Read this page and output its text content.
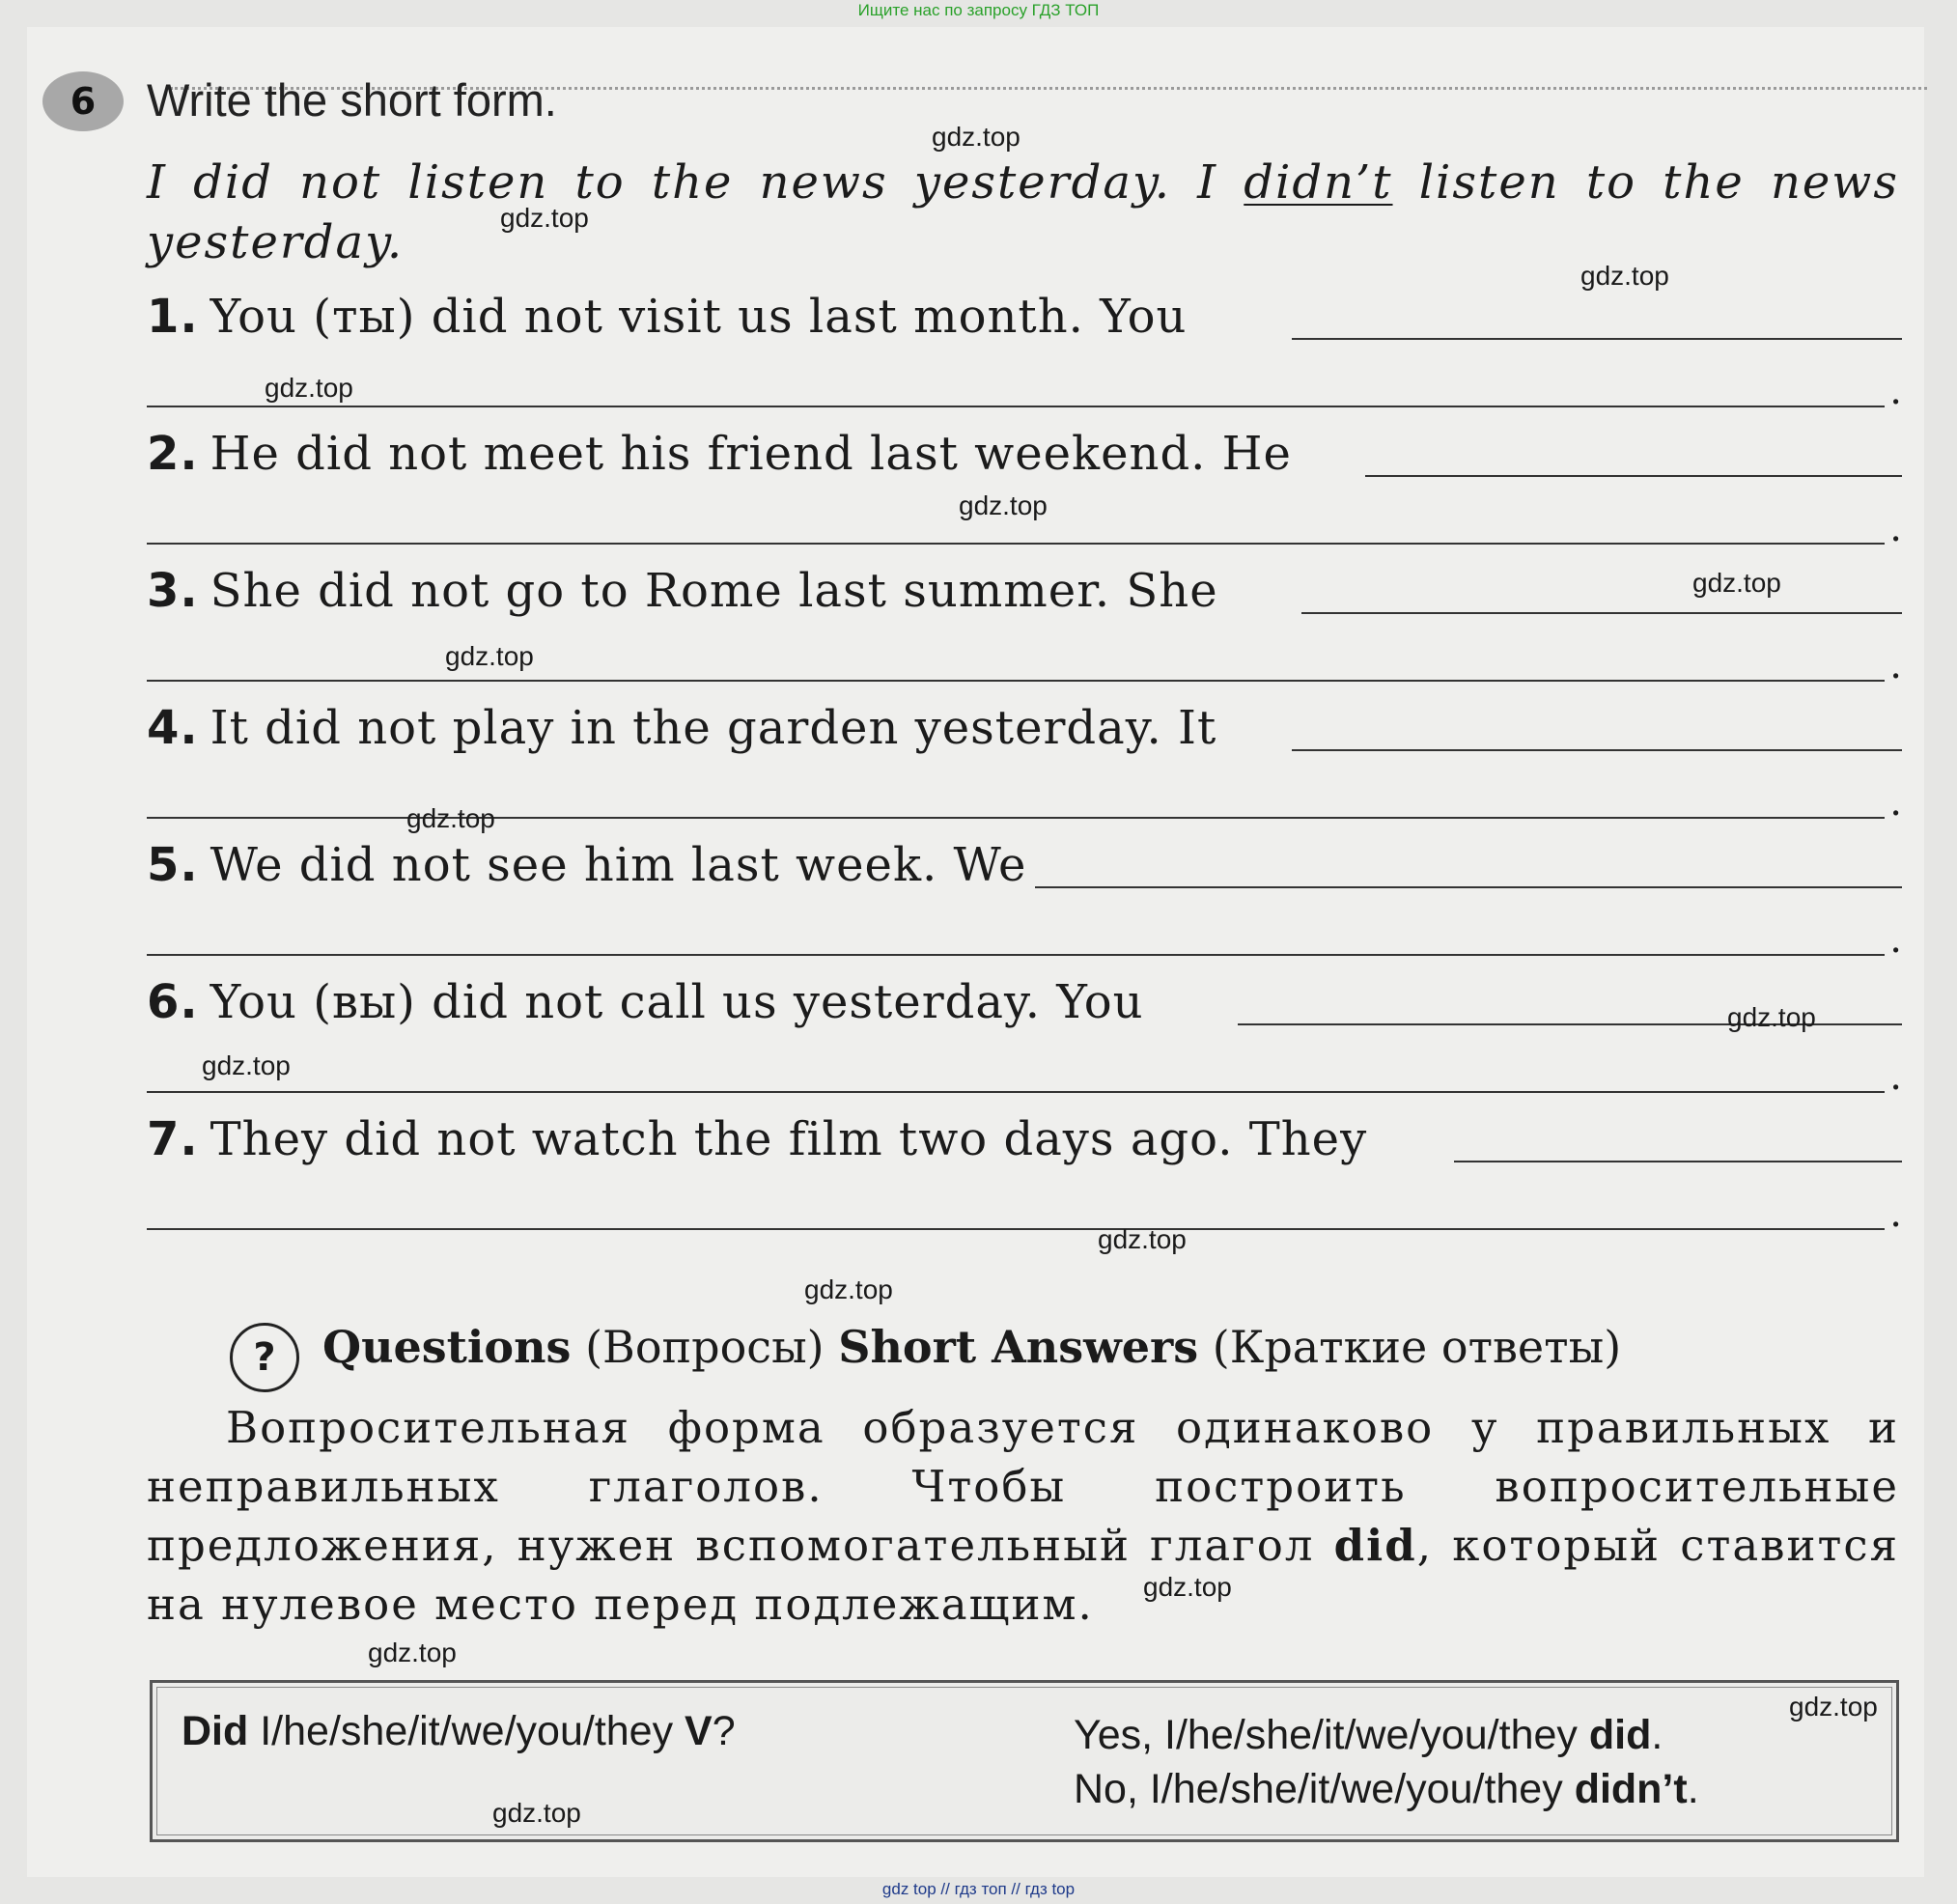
Ищите нас по запросу ГДЗ ТОП
6	Write the short form.
I did not listen to the news yesterday. I didn’t listen to the news yesterday.
1. You (ты) did not visit us last month. You
.
2. He did not meet his friend last weekend. He
.
3. She did not go to Rome last summer. She
.
4. It did not play in the garden yesterday. It
.
5. We did not see him last week. We
.
6. You (вы) did not call us yesterday. You
.
7. They did not watch the film two days ago. They
.
?	Questions (Вопросы) Short Answers (Краткие ответы)
Вопросительная форма образуется одинаково у правильных и неправильных глаголов. Чтобы построить вопросительные предложения, нужен вспомогательный глагол did, который ставится на нулевое место перед подлежащим.
Did I/he/she/it/we/you/they V?	Yes, I/he/she/it/we/you/they did.
No, I/he/she/it/we/you/they didn’t.
gdz.top
gdz.top
gdz.top
gdz.top
gdz.top
gdz.top
gdz.top
gdz.top
gdz.top
gdz.top
gdz.top
gdz.top
gdz.top
gdz.top
gdz.top
gdz.top
gdz top // гдз топ // гдз top
